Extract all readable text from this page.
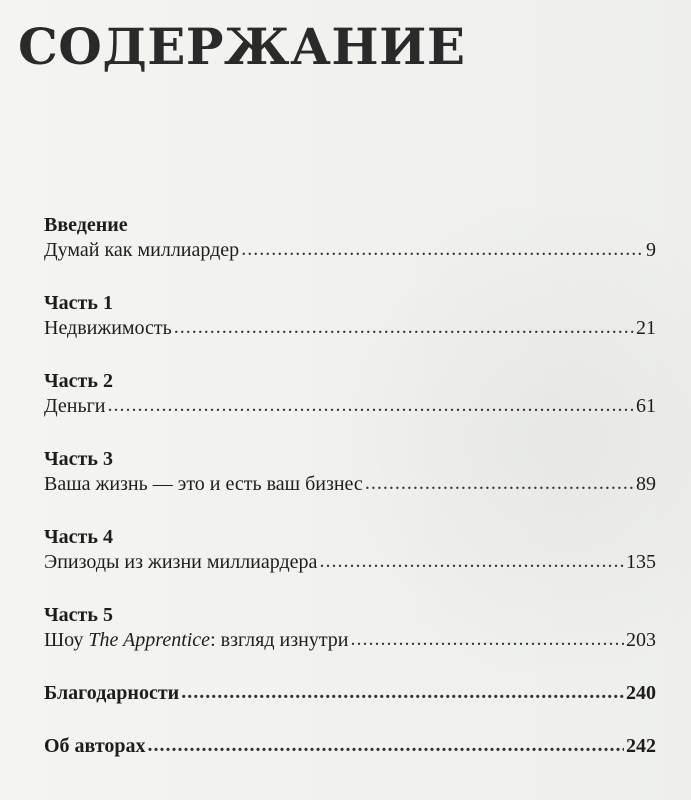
СОДЕРЖАНИЕ
Введение
Думай как миллиардер .....	9
Часть 1
Недвижимость .....	21
Часть 2
Деньги .....	61
Часть 3
Ваша жизнь — это и есть ваш бизнес .....	89
Часть 4
Эпизоды из жизни миллиардера .....	135
Часть 5
Шоу The Apprentice: взгляд изнутри .....	203
Благодарности .....	240
Об авторах .....	242
